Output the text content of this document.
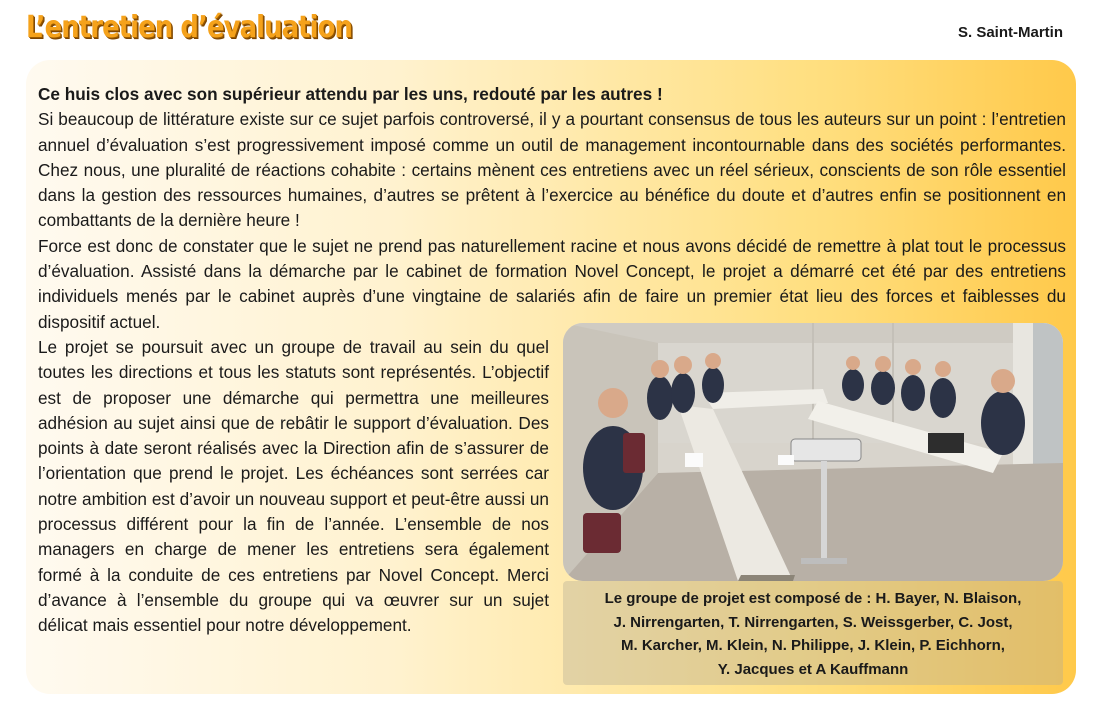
L’entretien d’évaluation	S. Saint-Martin

Ce huis clos avec son supérieur attendu par les uns, redouté par les autres !

Si beaucoup de littérature existe sur ce sujet parfois controversé, il y a pourtant consensus de tous les auteurs sur un point : l’entretien annuel d’évaluation s’est progressivement imposé comme un outil de management incontournable dans des sociétés performantes. Chez nous, une pluralité de réactions cohabite : certains mènent ces entretiens avec un réel sérieux, conscients de son rôle essentiel dans la gestion des ressources humaines, d’autres se prêtent à l’exercice au bénéfice du doute et d’autres enfin se positionnent en combattants de la dernière heure !

Force est donc de constater que le sujet ne prend pas naturellement racine et nous avons décidé de remettre à plat tout le processus d’évaluation. Assisté dans la démarche par le cabinet de formation Novel Concept, le projet a démarré cet été par des entretiens individuels menés par le cabinet auprès d’une vingtaine de salariés afin de faire un premier état lieu des forces et faiblesses du dispositif actuel.

Le projet se poursuit avec un groupe de travail au sein du quel toutes les directions et tous les statuts sont représentés. L’objectif est de proposer une démarche qui permettra une meilleures adhésion au sujet ainsi que de rebâtir le support d’évaluation. Des points à date seront réalisés avec la Direction afin de s’assurer de l’orientation que prend le projet. Les échéances sont serrées car notre ambition est d’avoir un nouveau support et peut-être aussi un processus différent pour la fin de l’année. L’ensemble de nos managers en charge de mener les entretiens sera également formé à la conduite de ces entretiens par Novel Concept. Merci d’avance à l’ensemble du groupe qui va œuvrer sur un sujet délicat mais essentiel pour notre développement.

Le groupe de projet est composé de : H. Bayer, N. Blaison,
J. Nirrengarten, T. Nirrengarten, S. Weissgerber, C. Jost,
M. Karcher, M. Klein, N. Philippe, J. Klein, P. Eichhorn,
Y. Jacques et A Kauffmann
